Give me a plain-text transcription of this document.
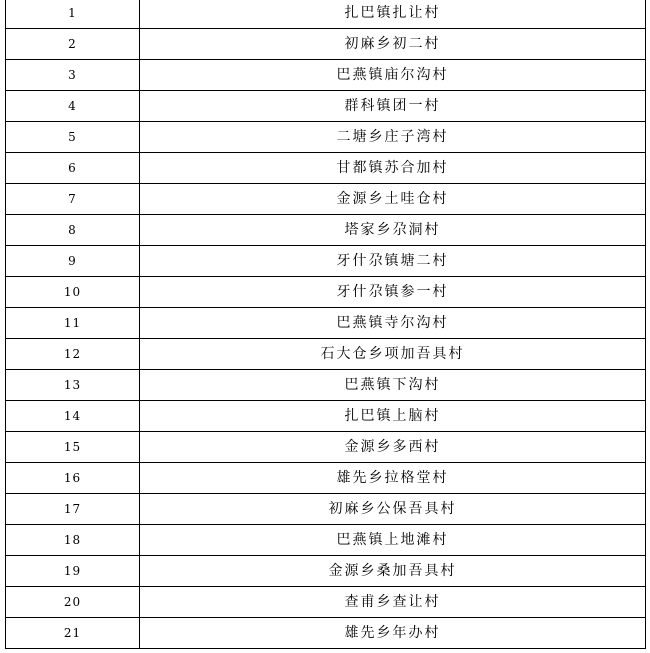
1	扎巴镇扎让村
2	初麻乡初二村
3	巴燕镇庙尔沟村
4	群科镇团一村
5	二塘乡庄子湾村
6	甘都镇苏合加村
7	金源乡土哇仓村
8	塔家乡尕洞村
9	牙什尕镇塘二村
10	牙什尕镇参一村
11	巴燕镇寺尔沟村
12	石大仓乡项加吾具村
13	巴燕镇下沟村
14	扎巴镇上脑村
15	金源乡多西村
16	雄先乡拉格堂村
17	初麻乡公保吾具村
18	巴燕镇上地滩村
19	金源乡桑加吾具村
20	查甫乡查让村
21	雄先乡年办村
